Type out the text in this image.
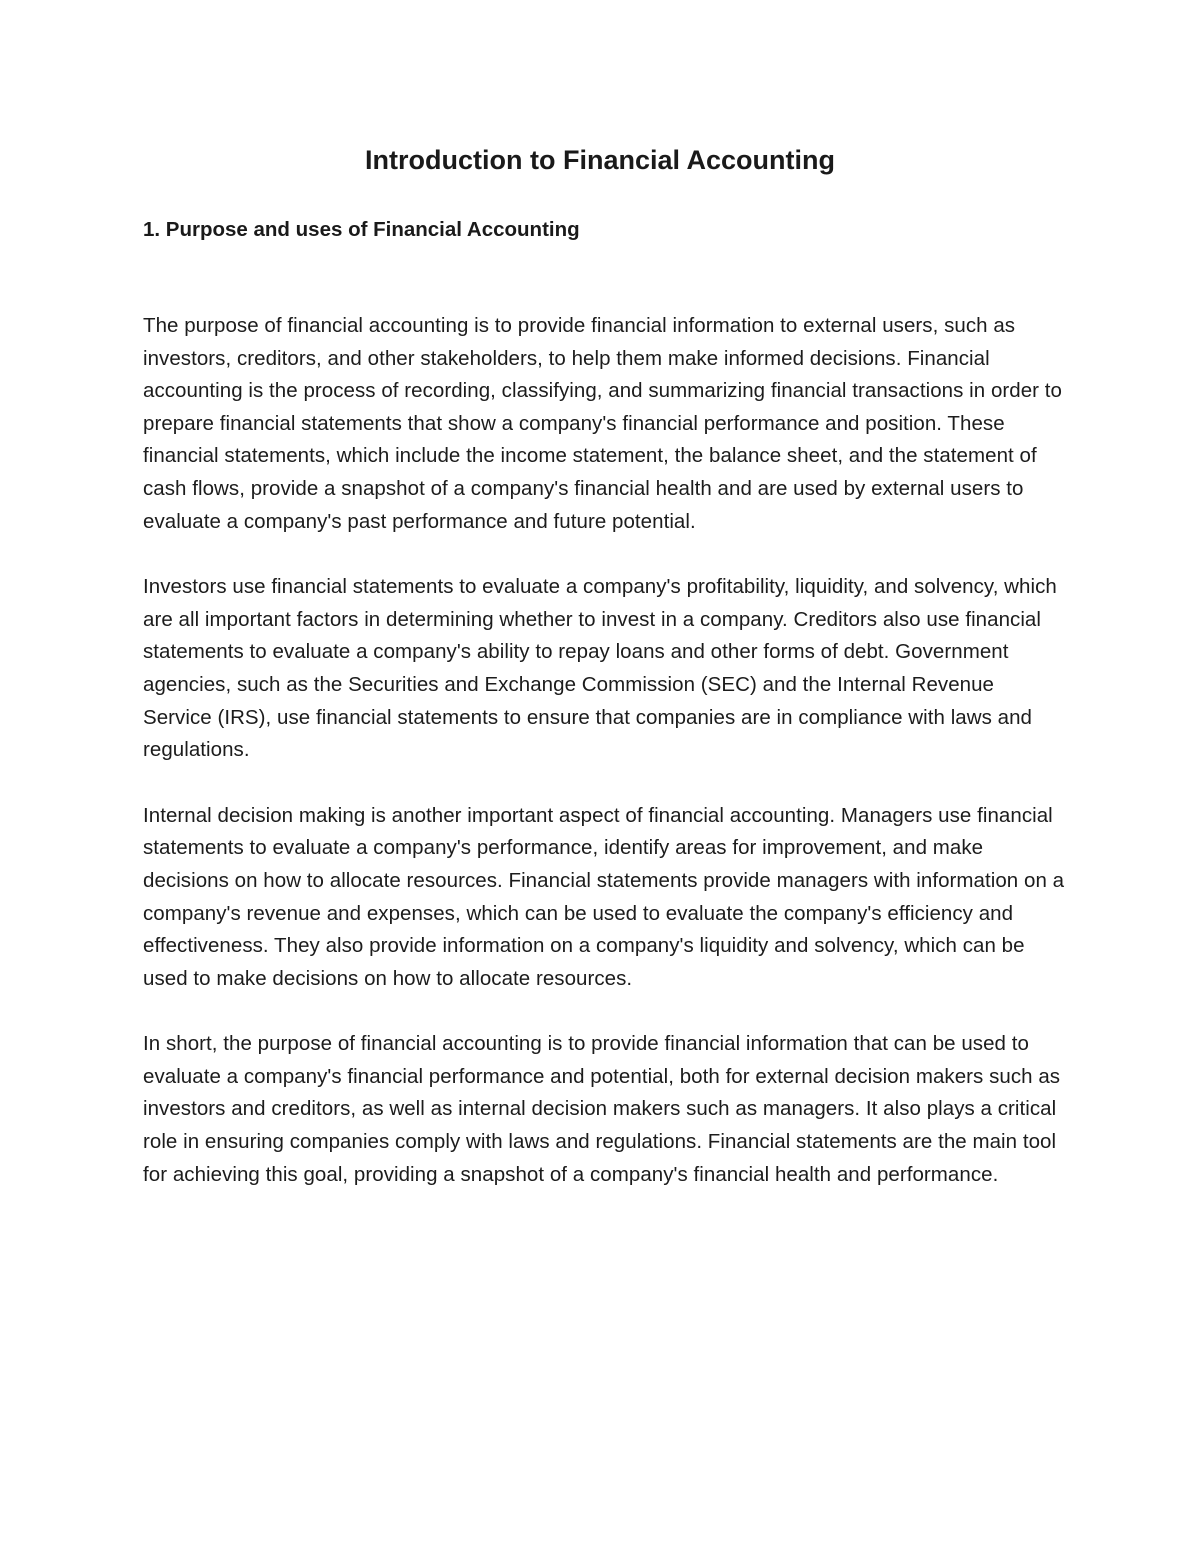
Introduction to Financial Accounting
1. Purpose and uses of Financial Accounting

The purpose of financial accounting is to provide financial information to external users, such as investors, creditors, and other stakeholders, to help them make informed decisions. Financial accounting is the process of recording, classifying, and summarizing financial transactions in order to prepare financial statements that show a company's financial performance and position. These financial statements, which include the income statement, the balance sheet, and the statement of cash flows, provide a snapshot of a company's financial health and are used by external users to evaluate a company's past performance and future potential.

Investors use financial statements to evaluate a company's profitability, liquidity, and solvency, which are all important factors in determining whether to invest in a company. Creditors also use financial statements to evaluate a company's ability to repay loans and other forms of debt. Government agencies, such as the Securities and Exchange Commission (SEC) and the Internal Revenue Service (IRS), use financial statements to ensure that companies are in compliance with laws and regulations.

Internal decision making is another important aspect of financial accounting. Managers use financial statements to evaluate a company's performance, identify areas for improvement, and make decisions on how to allocate resources. Financial statements provide managers with information on a company's revenue and expenses, which can be used to evaluate the company's efficiency and effectiveness. They also provide information on a company's liquidity and solvency, which can be used to make decisions on how to allocate resources.

In short, the purpose of financial accounting is to provide financial information that can be used to evaluate a company's financial performance and potential, both for external decision makers such as investors and creditors, as well as internal decision makers such as managers. It also plays a critical role in ensuring companies comply with laws and regulations. Financial statements are the main tool for achieving this goal, providing a snapshot of a company's financial health and performance.
